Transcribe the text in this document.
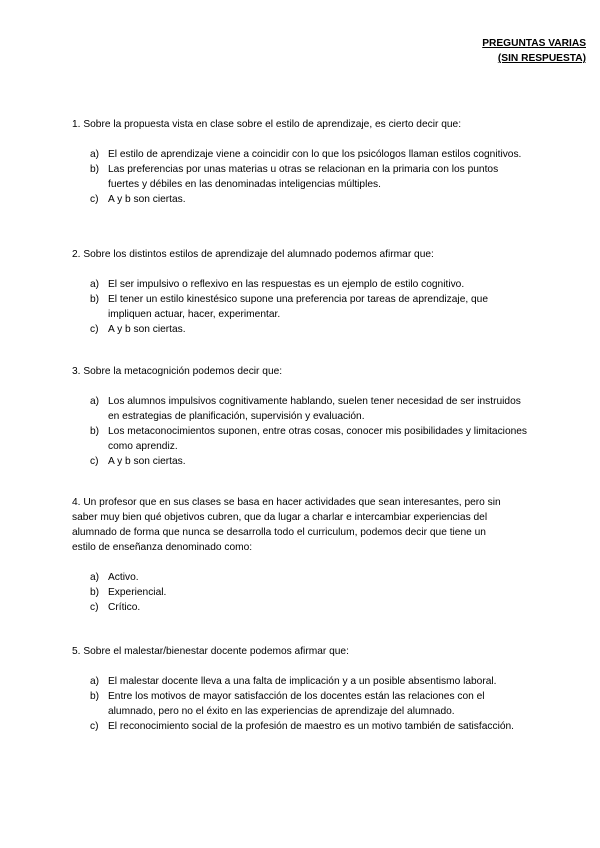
PREGUNTAS VARIAS
(SIN RESPUESTA)

1. Sobre la propuesta vista en clase sobre el estilo de aprendizaje, es cierto decir que:

a) El estilo de aprendizaje viene a coincidir con lo que los psicólogos llaman estilos cognitivos.
b) Las preferencias por unas materias u otras se relacionan en la primaria con los puntos fuertes y débiles en las denominadas inteligencias múltiples.
c) A y b son ciertas.

2. Sobre los distintos estilos de aprendizaje del alumnado podemos afirmar que:

a) El ser impulsivo o reflexivo en las respuestas es un ejemplo de estilo cognitivo.
b) El tener un estilo kinestésico supone una preferencia por tareas de aprendizaje, que impliquen actuar, hacer, experimentar.
c) A y b son ciertas.

3. Sobre la metacognición podemos decir que:

a) Los alumnos impulsivos cognitivamente hablando, suelen tener necesidad de ser instruidos en estrategias de planificación, supervisión y evaluación.
b) Los metaconocimientos suponen, entre otras cosas, conocer mis posibilidades y limitaciones como aprendiz.
c) A y b son ciertas.

4. Un profesor que en sus clases se basa en hacer actividades que sean interesantes, pero sin saber muy bien qué objetivos cubren, que da lugar a charlar e intercambiar experiencias del alumnado de forma que nunca se desarrolla todo el curriculum, podemos decir que tiene un estilo de enseñanza denominado como:

a) Activo.
b) Experiencial.
c) Crítico.

5. Sobre el malestar/bienestar docente podemos afirmar que:

a) El malestar docente lleva a una falta de implicación y a un posible absentismo laboral.
b) Entre los motivos de mayor satisfacción de los docentes están las relaciones con el alumnado, pero no el éxito en las experiencias de aprendizaje del alumnado.
c) El reconocimiento social de la profesión de maestro es un motivo también de satisfacción.
